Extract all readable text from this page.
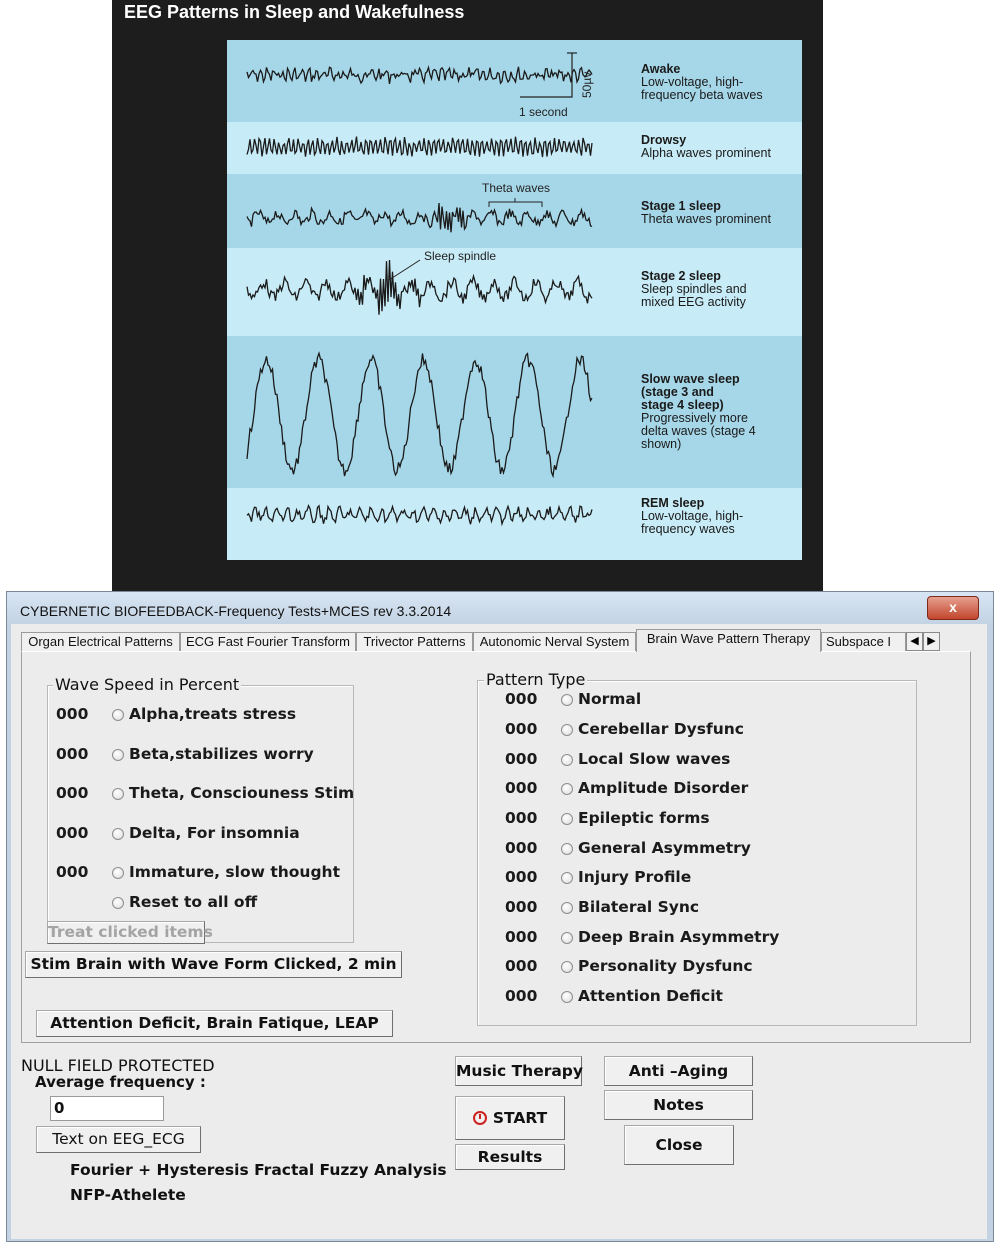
EEG Patterns in Sleep and Wakefulness
50µv
1 second
Theta waves
Sleep spindle
Awake
Low-voltage, high-
frequency beta waves
Drowsy
Alpha waves prominent
Stage 1 sleep
Theta waves prominent
Stage 2 sleep
Sleep spindles and
mixed EEG activity
Slow wave sleep
(stage 3 and
stage 4 sleep)
Progressively more
delta waves (stage 4
shown)
REM sleep
Low-voltage, high-
frequency waves
CYBERNETIC BIOFEEDBACK-Frequency Tests+MCES rev 3.3.2014	x
Organ Electrical Patterns	ECG Fast Fourier Transform	Trivector Patterns	Autonomic Nerval System	Brain Wave Pattern Therapy	Subspace I	◀ ▶
Wave Speed in Percent
000	Alpha,treats stress
000	Beta,stabilizes worry
000	Theta, Consciouness Stim
000	Delta, For insomnia
000	Immature, slow thought
Reset to all off
Treat clicked items
Stim Brain with Wave Form Clicked, 2 min
Attention Deficit, Brain Fatique, LEAP
Pattern Type
000	Normal
000	Cerebellar Dysfunc
000	Local Slow waves
000	Amplitude Disorder
000	Epileptic forms
000	General Asymmetry
000	Injury Profile
000	Bilateral Sync
000	Deep Brain Asymmetry
000	Personality Dysfunc
000	Attention Deficit
NULL FIELD PROTECTED
Average frequency :
0
Text on EEG_ECG
Fourier + Hysteresis Fractal Fuzzy Analysis
NFP-Athelete
Music Therapy
START
Results
Anti –Aging
Notes
Close
